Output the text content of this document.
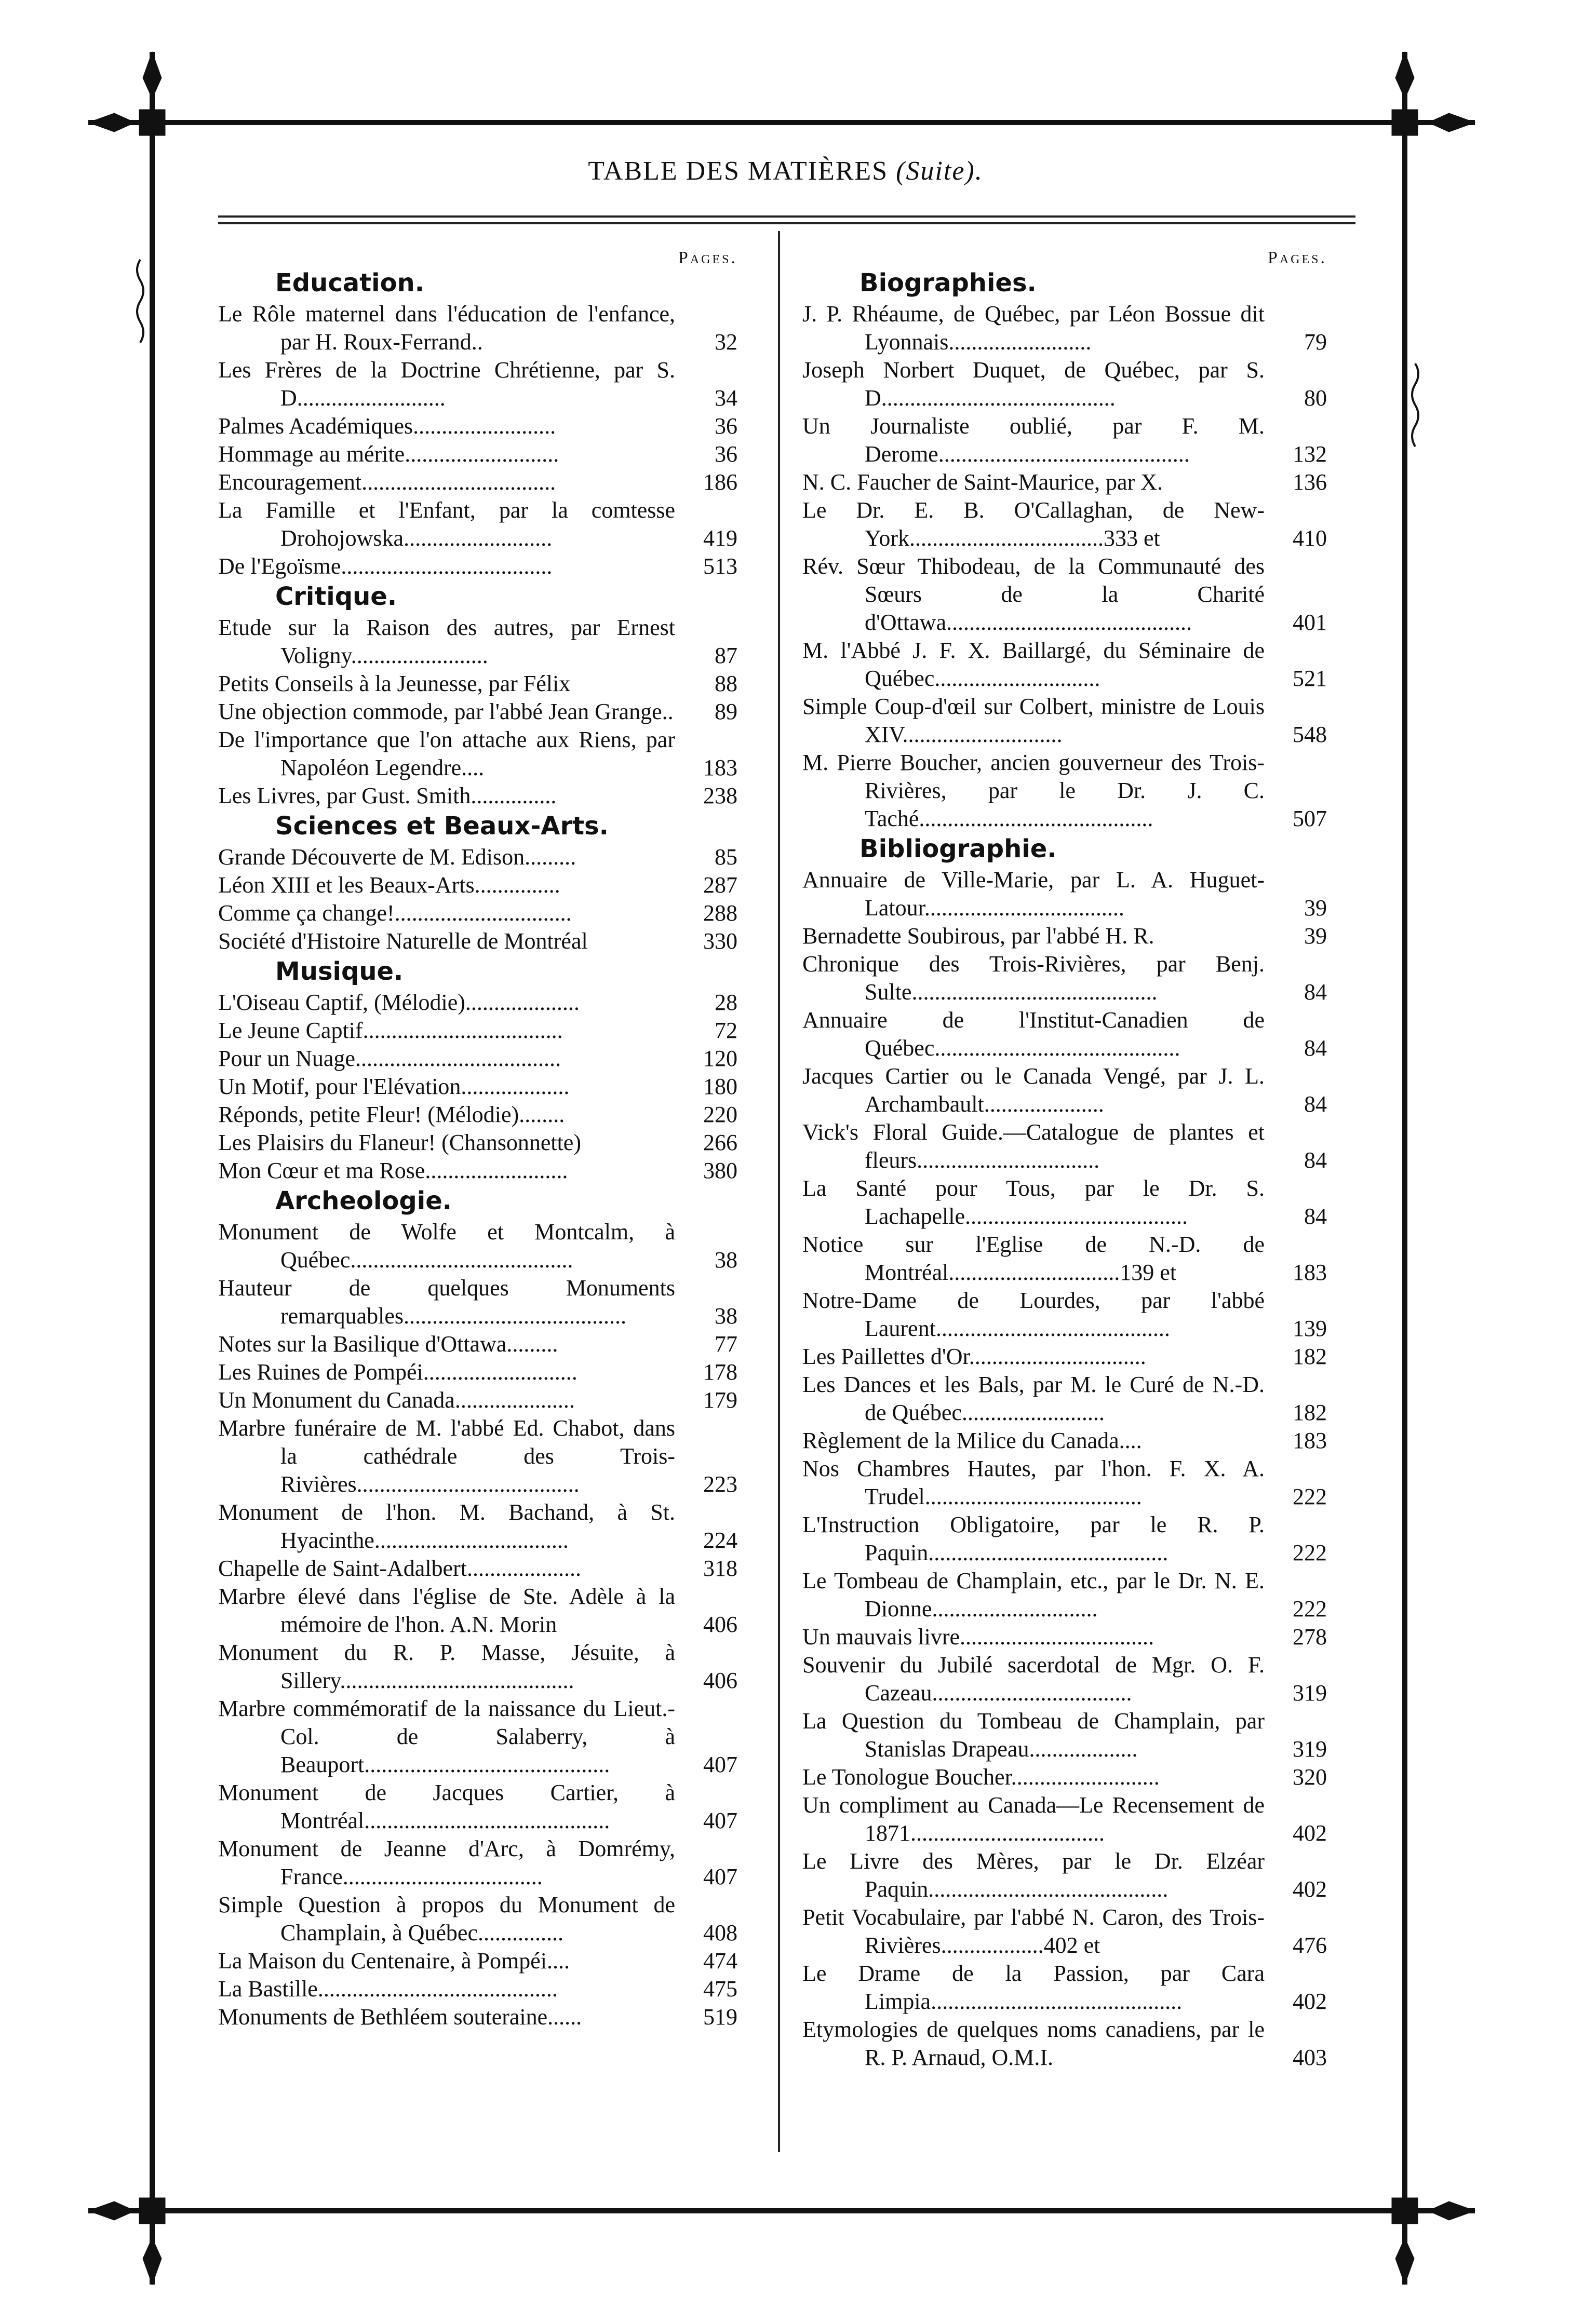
TABLE DES MATIÈRES (Suite).
Pages.
Education.
Le Rôle maternel dans l'éducation de l'enfance, par H. Roux-Ferrand..	32
Les Frères de la Doctrine Chrétienne, par S. D..........................	34
Palmes Académiques.........................	36
Hommage au mérite...........................	36
Encouragement..................................	186
La Famille et l'Enfant, par la comtesse Drohojowska..........................	419
De l'Egoïsme.....................................	513
Critique.
Etude sur la Raison des autres, par Ernest Voligny........................	87
Petits Conseils à la Jeunesse, par Félix	88
Une objection commode, par l'abbé Jean Grange..	89
De l'importance que l'on attache aux Riens, par Napoléon Legendre....	183
Les Livres, par Gust. Smith...............	238
Sciences et Beaux-Arts.
Grande Découverte de M. Edison.........	85
Léon XIII et les Beaux-Arts...............	287
Comme ça change!...............................	288
Société d'Histoire Naturelle de Montréal	330
Musique.
L'Oiseau Captif, (Mélodie)....................	28
Le Jeune Captif...................................	72
Pour un Nuage....................................	120
Un Motif, pour l'Elévation...................	180
Réponds, petite Fleur! (Mélodie)........	220
Les Plaisirs du Flaneur! (Chansonnette)	266
Mon Cœur et ma Rose.........................	380
Archeologie.
Monument de Wolfe et Montcalm, à Québec.......................................	38
Hauteur de quelques Monuments remarquables.......................................	38
Notes sur la Basilique d'Ottawa.........	77
Les Ruines de Pompéi...........................	178
Un Monument du Canada.....................	179
Marbre funéraire de M. l'abbé Ed. Chabot, dans la cathédrale des Trois-Rivières.......................................	223
Monument de l'hon. M. Bachand, à St. Hyacinthe..................................	224
Chapelle de Saint-Adalbert....................	318
Marbre élevé dans l'église de Ste. Adèle à la mémoire de l'hon. A.N. Morin	406
Monument du R. P. Masse, Jésuite, à Sillery.........................................	406
Marbre commémoratif de la naissance du Lieut.-Col. de Salaberry, à Beauport...........................................	407
Monument de Jacques Cartier, à Montréal...........................................	407
Monument de Jeanne d'Arc, à Domrémy, France...................................	407
Simple Question à propos du Monument de Champlain, à Québec...............	408
La Maison du Centenaire, à Pompéi....	474
La Bastille..........................................	475
Monuments de Bethléem souteraine......	519
Pages.
Biographies.
J. P. Rhéaume, de Québec, par Léon Bossue dit Lyonnais.........................	79
Joseph Norbert Duquet, de Québec, par S. D.........................................	80
Un Journaliste oublié, par F. M. Derome............................................	132
N. C. Faucher de Saint-Maurice, par X.	136
Le Dr. E. B. O'Callaghan, de New-York..................................333 et	410
Rév. Sœur Thibodeau, de la Communauté des Sœurs de la Charité d'Ottawa...........................................	401
M. l'Abbé J. F. X. Baillargé, du Séminaire de Québec.............................	521
Simple Coup-d'œil sur Colbert, ministre de Louis XIV............................	548
M. Pierre Boucher, ancien gouverneur des Trois-Rivières, par le Dr. J. C. Taché.........................................	507
Bibliographie.
Annuaire de Ville-Marie, par L. A. Huguet-Latour...................................	39
Bernadette Soubirous, par l'abbé H. R.	39
Chronique des Trois-Rivières, par Benj. Sulte...........................................	84
Annuaire de l'Institut-Canadien de Québec...........................................	84
Jacques Cartier ou le Canada Vengé, par J. L. Archambault.....................	84
Vick's Floral Guide.—Catalogue de plantes et fleurs................................	84
La Santé pour Tous, par le Dr. S. Lachapelle.......................................	84
Notice sur l'Eglise de N.-D. de Montréal..............................139 et	183
Notre-Dame de Lourdes, par l'abbé Laurent.........................................	139
Les Paillettes d'Or...............................	182
Les Dances et les Bals, par M. le Curé de N.-D. de Québec.........................	182
Règlement de la Milice du Canada....	183
Nos Chambres Hautes, par l'hon. F. X. A. Trudel......................................	222
L'Instruction Obligatoire, par le R. P. Paquin..........................................	222
Le Tombeau de Champlain, etc., par le Dr. N. E. Dionne.............................	222
Un mauvais livre..................................	278
Souvenir du Jubilé sacerdotal de Mgr. O. F. Cazeau...................................	319
La Question du Tombeau de Champlain, par Stanislas Drapeau...................	319
Le Tonologue Boucher..........................	320
Un compliment au Canada—Le Recensement de 1871..................................	402
Le Livre des Mères, par le Dr. Elzéar Paquin..........................................	402
Petit Vocabulaire, par l'abbé N. Caron, des Trois-Rivières..................402 et	476
Le Drame de la Passion, par Cara Limpia............................................	402
Etymologies de quelques noms canadiens, par le R. P. Arnaud, O.M.I.	403
